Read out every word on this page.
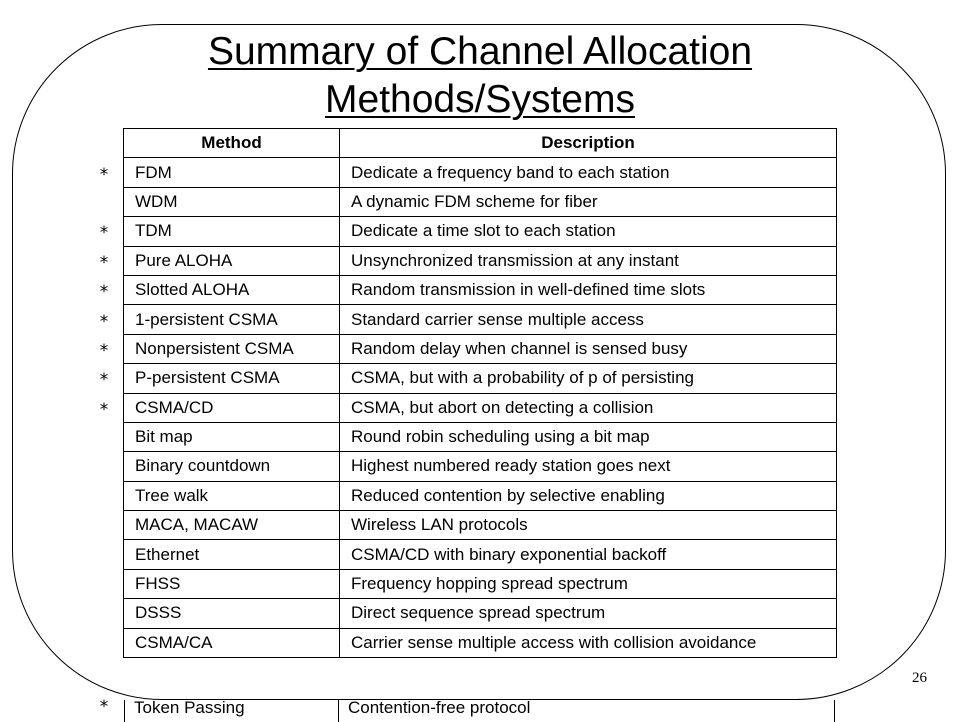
Summary of Channel Allocation
Methods/Systems
Method	Description
FDM	Dedicate a frequency band to each station
WDM	A dynamic FDM scheme for fiber
TDM	Dedicate a time slot to each station
Pure ALOHA	Unsynchronized transmission at any instant
Slotted ALOHA	Random transmission in well-defined time slots
1-persistent CSMA	Standard carrier sense multiple access
Nonpersistent CSMA	Random delay when channel is sensed busy
P-persistent CSMA	CSMA, but with a probability of p of persisting
CSMA/CD	CSMA, but abort on detecting a collision
Bit map	Round robin scheduling using a bit map
Binary countdown	Highest numbered ready station goes next
Tree walk	Reduced contention by selective enabling
MACA, MACAW	Wireless LAN protocols
Ethernet	CSMA/CD with binary exponential backoff
FHSS	Frequency hopping spread spectrum
DSSS	Direct sequence spread spectrum
CSMA/CA	Carrier sense multiple access with collision avoidance
*
*
*
*
*
*
*
*
26
*	Token Passing	Contention-free protocol
